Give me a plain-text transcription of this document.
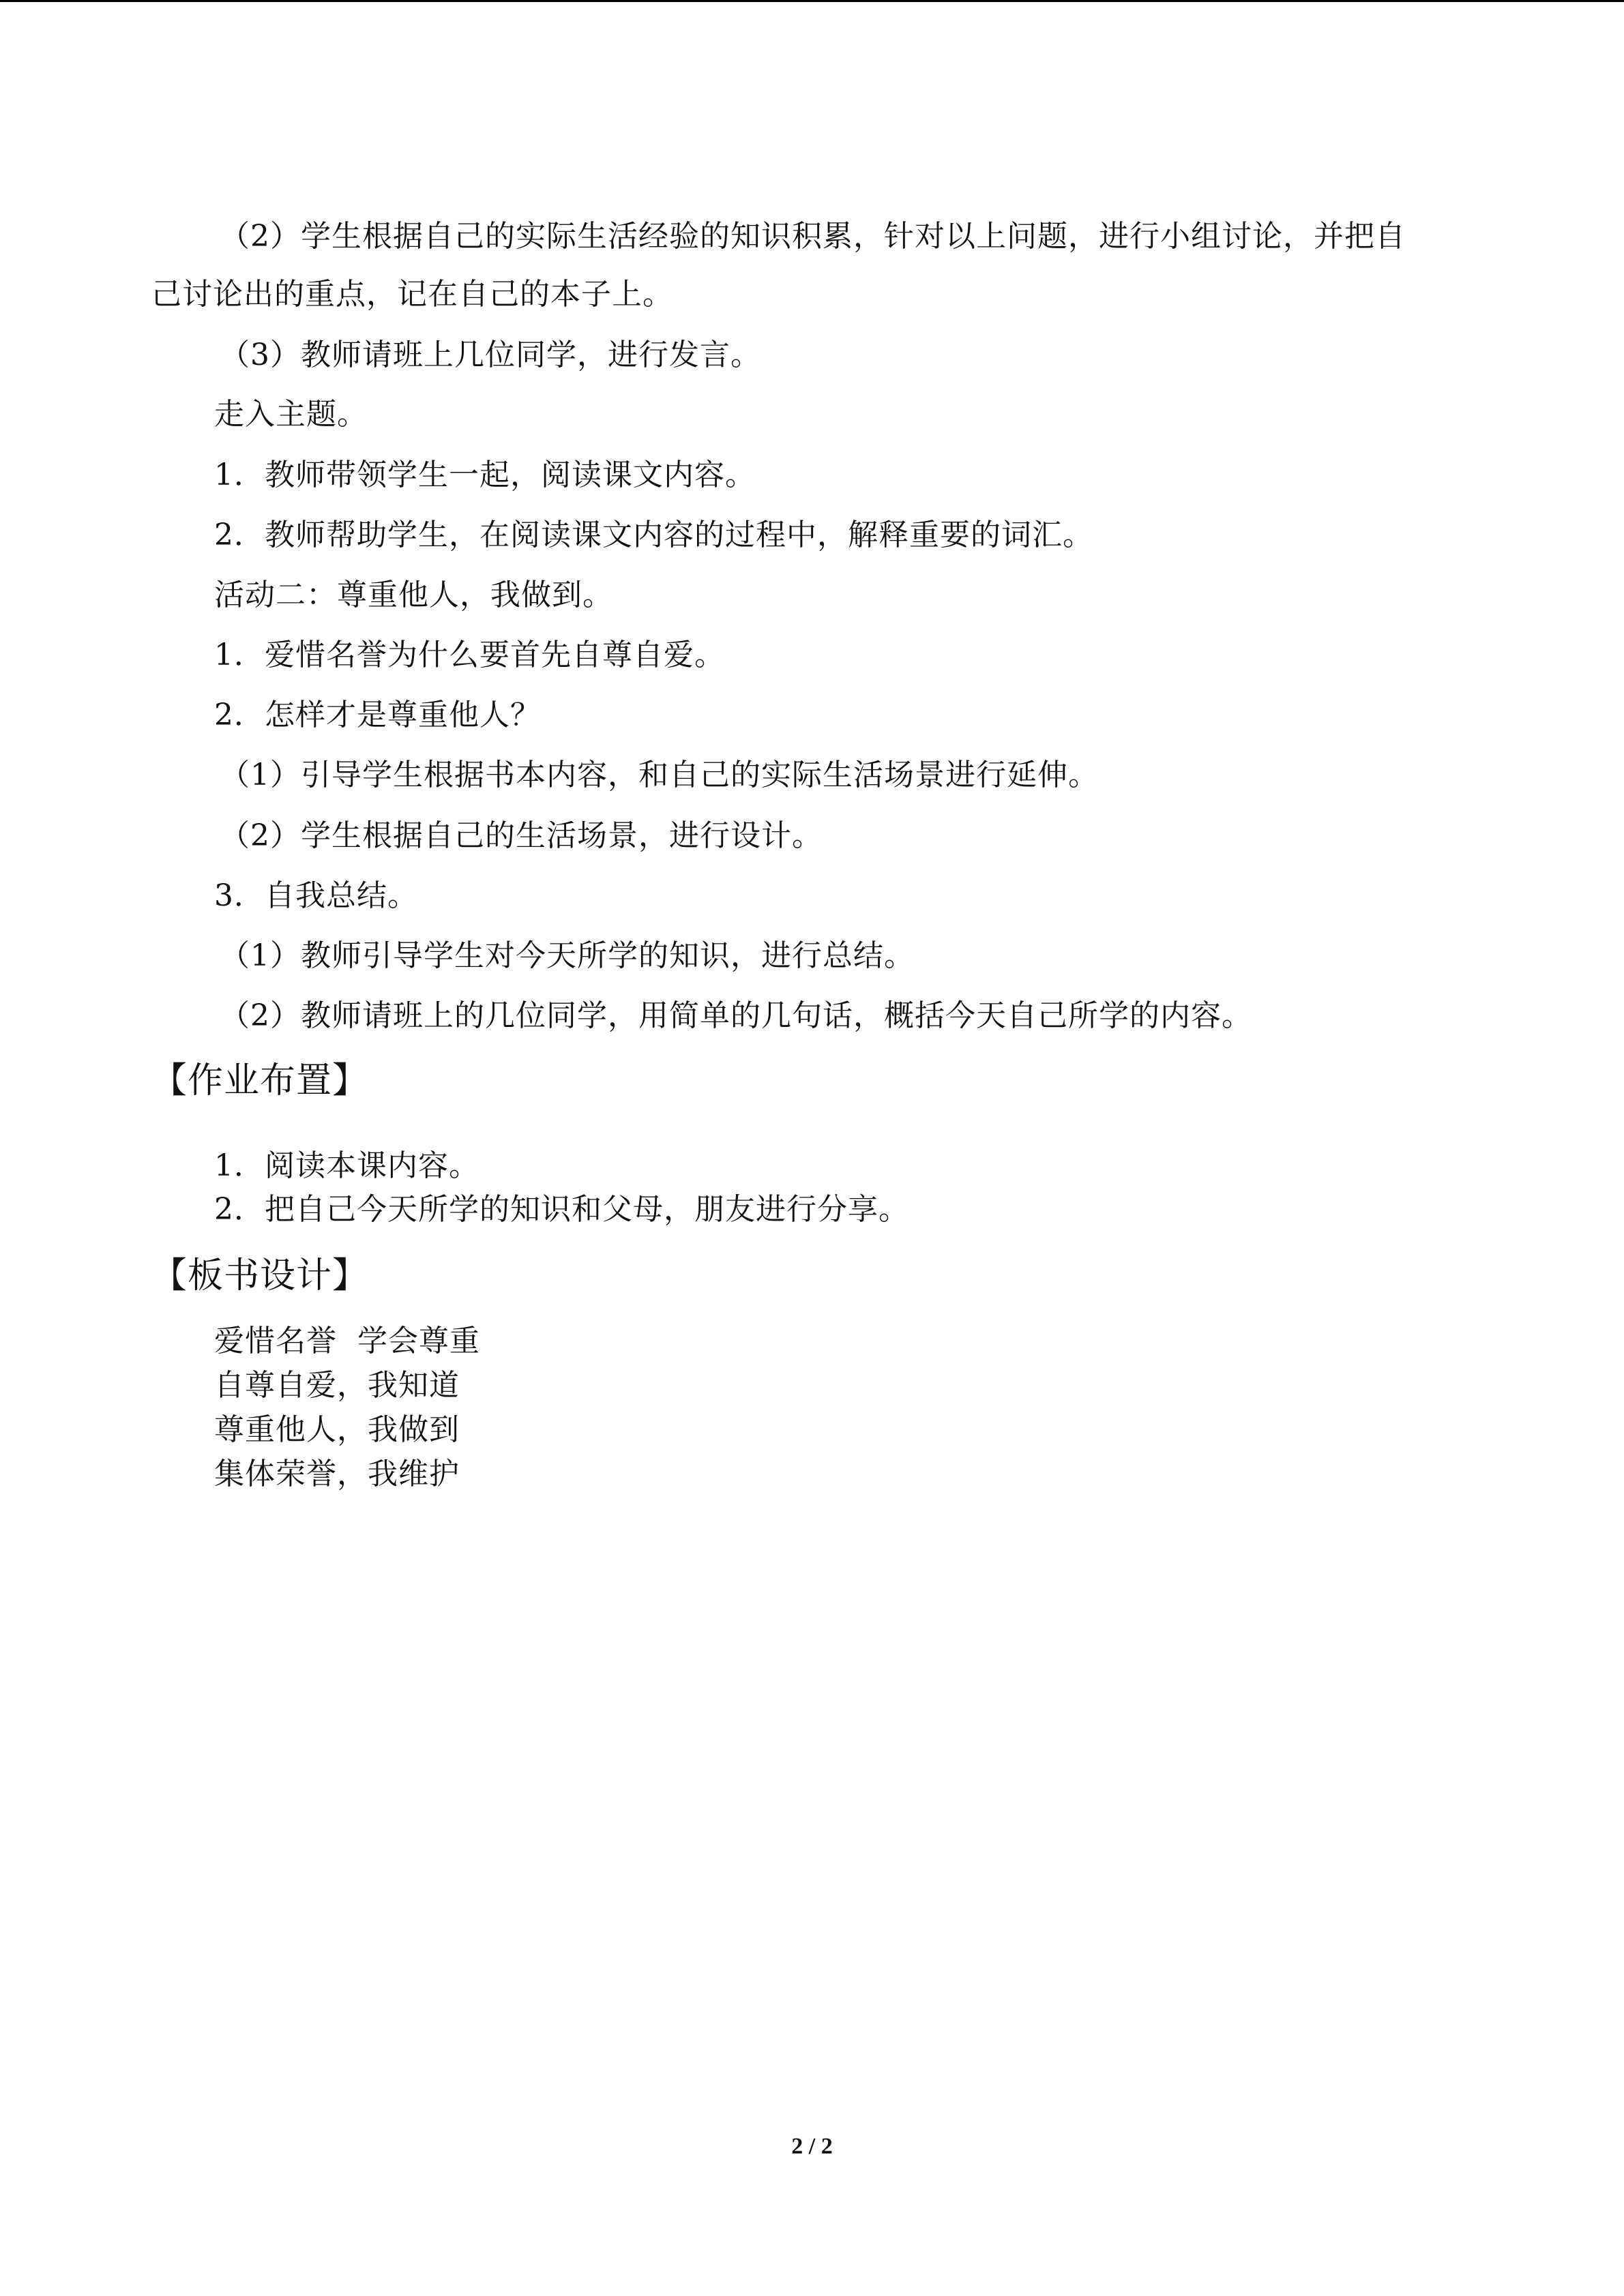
（2）学生根据自己的实际生活经验的知识积累，针对以上问题，进行小组讨论，并把自
己讨论出的重点，记在自己的本子上。
（3）教师请班上几位同学，进行发言。
走入主题。
1．教师带领学生一起，阅读课文内容。
2．教师帮助学生，在阅读课文内容的过程中，解释重要的词汇。
活动二：尊重他人，我做到。
1．爱惜名誉为什么要首先自尊自爱。
2．怎样才是尊重他人？
（1）引导学生根据书本内容，和自己的实际生活场景进行延伸。
（2）学生根据自己的生活场景，进行设计。
3．自我总结。
（1）教师引导学生对今天所学的知识，进行总结。
（2）教师请班上的几位同学，用简单的几句话，概括今天自己所学的内容。
【作业布置】
1．阅读本课内容。
2．把自己今天所学的知识和父母，朋友进行分享。
【板书设计】
爱惜名誉  学会尊重
自尊自爱，我知道
尊重他人，我做到
集体荣誉，我维护
2 / 2
